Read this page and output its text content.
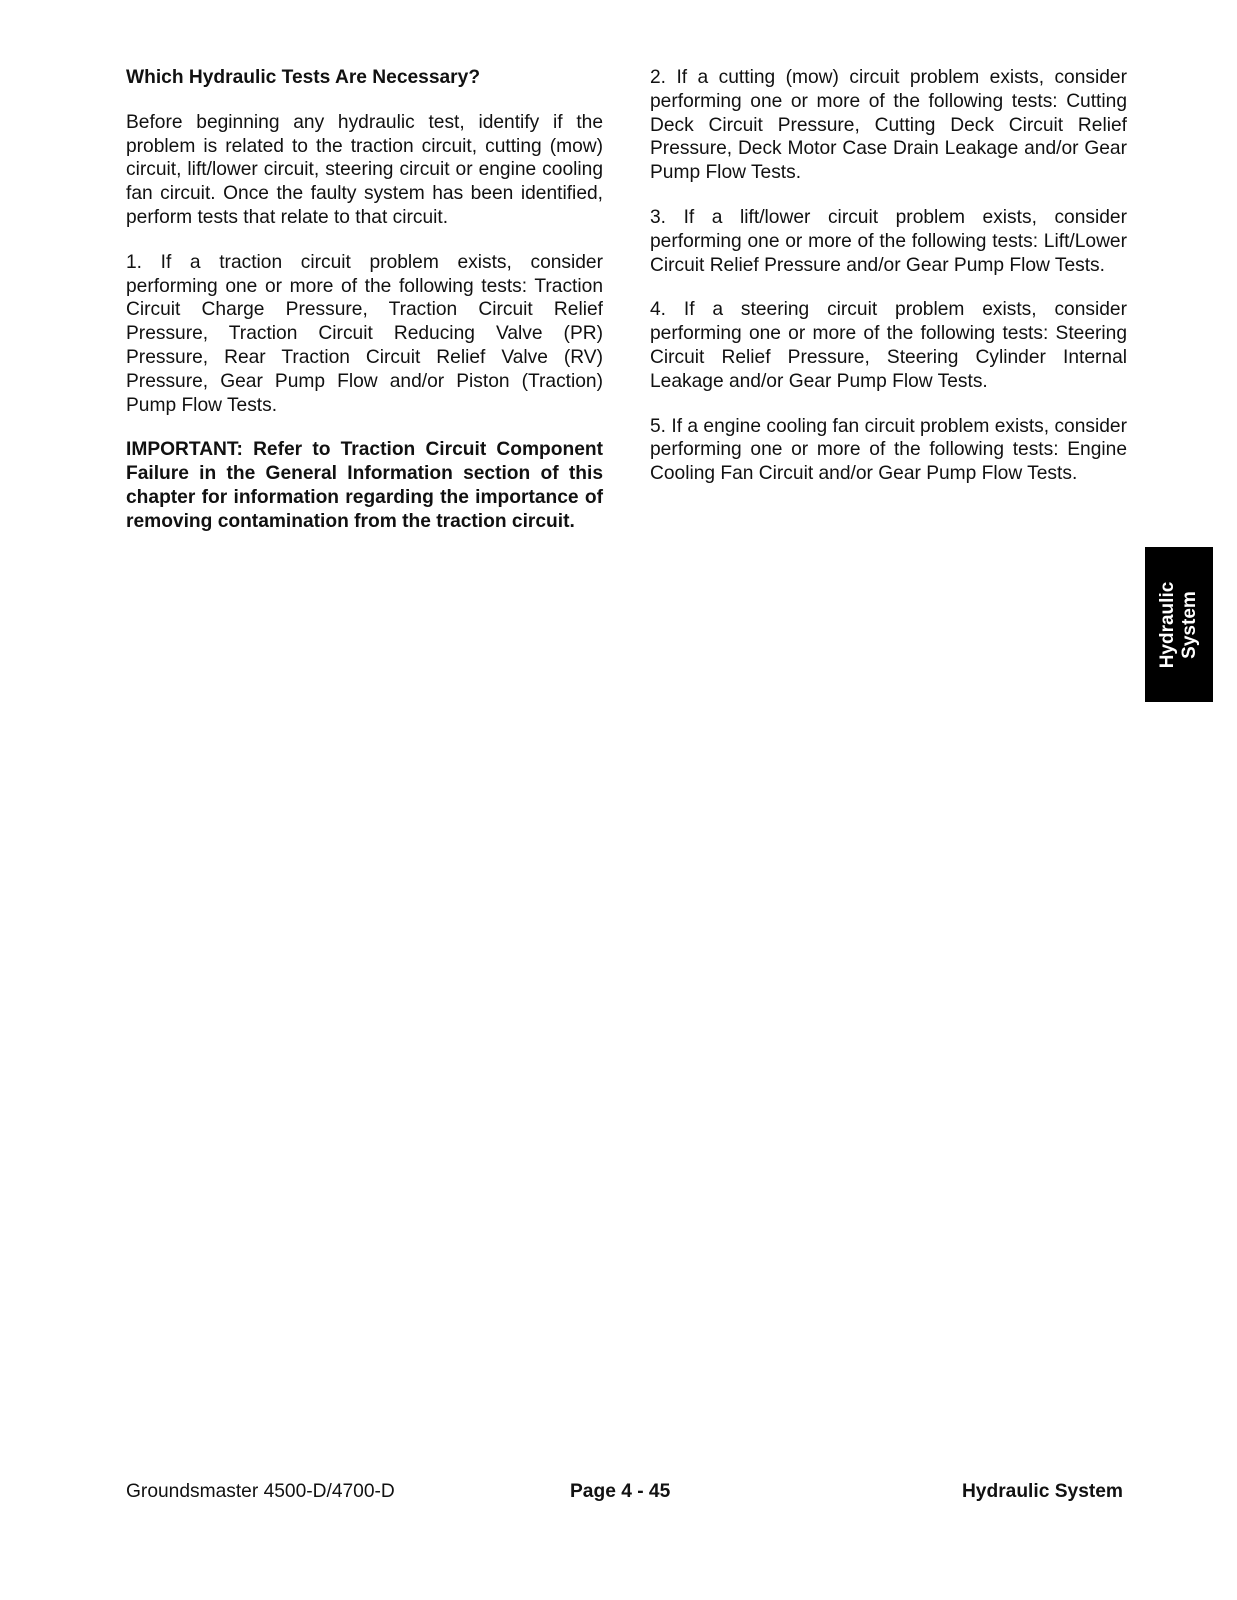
Which Hydraulic Tests Are Necessary?

Before beginning any hydraulic test, identify if the problem is related to the traction circuit, cutting (mow) circuit, lift/lower circuit, steering circuit or engine cooling fan circuit. Once the faulty system has been identified, perform tests that relate to that circuit.

1. If a traction circuit problem exists, consider performing one or more of the following tests: Traction Circuit Charge Pressure, Traction Circuit Relief Pressure, Traction Circuit Reducing Valve (PR) Pressure, Rear Traction Circuit Relief Valve (RV) Pressure, Gear Pump Flow and/or Piston (Traction) Pump Flow Tests.

IMPORTANT: Refer to Traction Circuit Component Failure in the General Information section of this chapter for information regarding the importance of removing contamination from the traction circuit.

2. If a cutting (mow) circuit problem exists, consider performing one or more of the following tests: Cutting Deck Circuit Pressure, Cutting Deck Circuit Relief Pressure, Deck Motor Case Drain Leakage and/or Gear Pump Flow Tests.

3. If a lift/lower circuit problem exists, consider performing one or more of the following tests: Lift/Lower Circuit Relief Pressure and/or Gear Pump Flow Tests.

4. If a steering circuit problem exists, consider performing one or more of the following tests: Steering Circuit Relief Pressure, Steering Cylinder Internal Leakage and/or Gear Pump Flow Tests.

5. If a engine cooling fan circuit problem exists, consider performing one or more of the following tests: Engine Cooling Fan Circuit and/or Gear Pump Flow Tests.

Hydraulic System
Groundsmaster 4500-D/4700-D	Page 4 - 45	Hydraulic System
